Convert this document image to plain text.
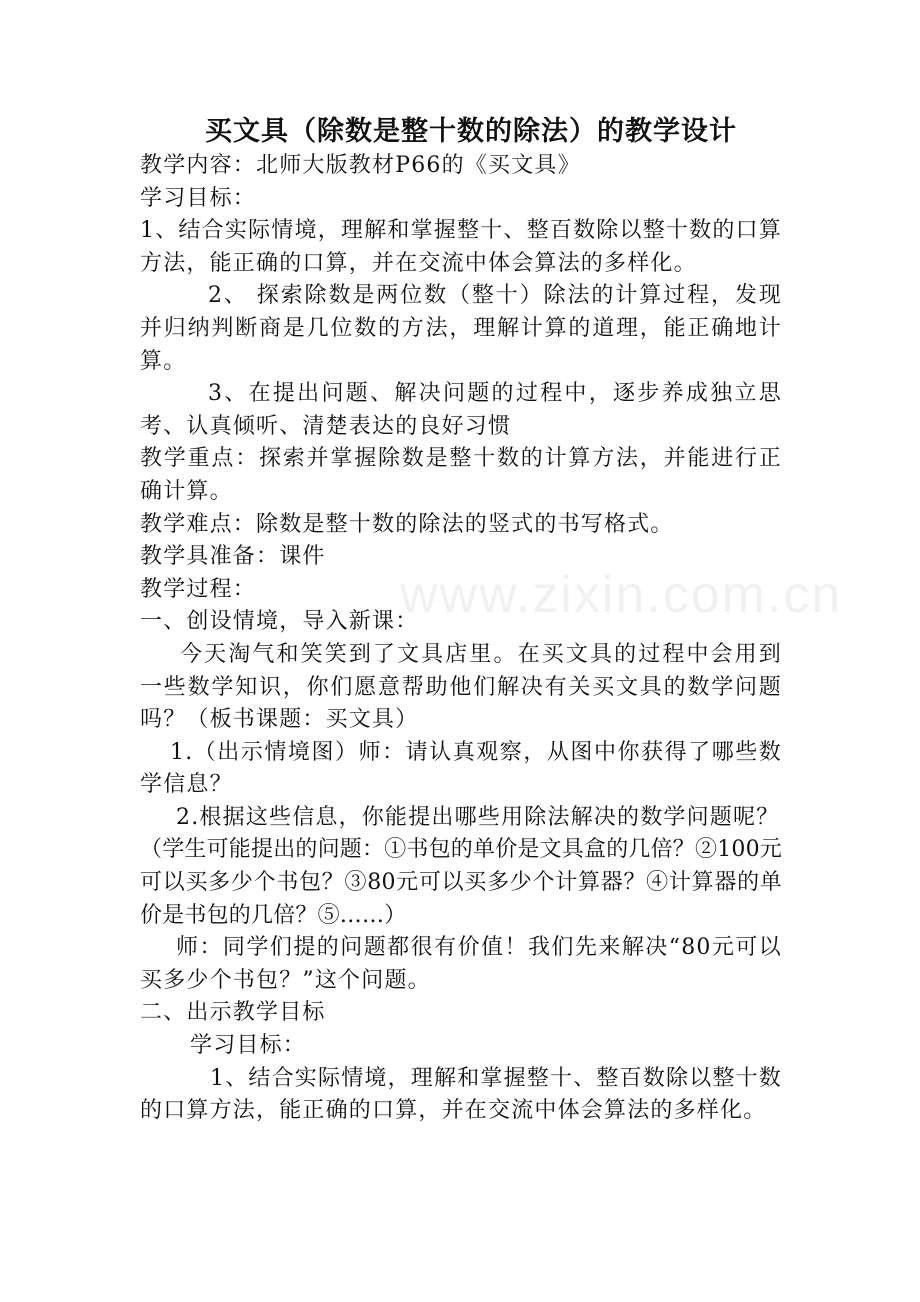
买文具（除数是整十数的除法）的教学设计

教学内容：北师大版教材P66的《买文具》

学习目标：

1、结合实际情境，理解和掌握整十、整百数除以整十数的口算方法，能正确的口算，并在交流中体会算法的多样化。

2、 探索除数是两位数（整十）除法的计算过程，发现并归纳判断商是几位数的方法，理解计算的道理，能正确地计算。

3、在提出问题、解决问题的过程中，逐步养成独立思考、认真倾听、清楚表达的良好习惯

教学重点：探索并掌握除数是整十数的计算方法，并能进行正确计算。

教学难点：除数是整十数的除法的竖式的书写格式。

教学具准备：课件

教学过程：

一、创设情境，导入新课：

今天淘气和笑笑到了文具店里。在买文具的过程中会用到一些数学知识，你们愿意帮助他们解决有关买文具的数学问题吗？（板书课题：买文具）

1.（出示情境图）师：请认真观察，从图中你获得了哪些数学信息？

2.根据这些信息，你能提出哪些用除法解决的数学问题呢？

（学生可能提出的问题：①书包的单价是文具盒的几倍？②100元可以买多少个书包？③80元可以买多少个计算器？④计算器的单价是书包的几倍？⑤……）

师：同学们提的问题都很有价值！我们先来解决“80元可以买多少个书包？”这个问题。

二、出示教学目标

学习目标：

1、结合实际情境，理解和掌握整十、整百数除以整十数的口算方法，能正确的口算，并在交流中体会算法的多样化。

www.zixin.com.cn
